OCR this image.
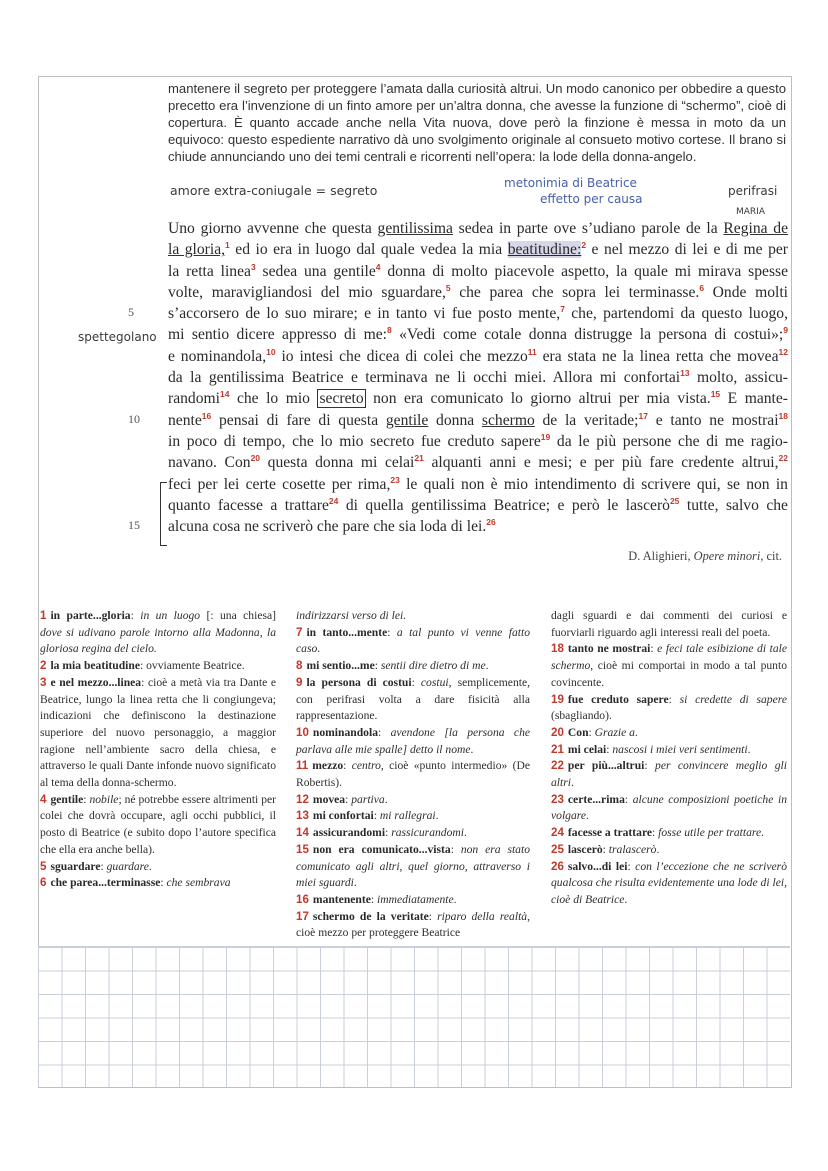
mantenere il segreto per proteggere l’amata dalla curiosità altrui. Un modo canonico per obbedire a questo precetto era l’invenzione di un finto amore per un’altra donna, che avesse la funzione di “schermo”, cioè di copertura. È quanto accade anche nella Vita nuova, dove però la finzione è messa in moto da un equivoco: questo espediente narrativo dà uno svolgimento originale al consueto motivo cortese. Il brano si chiude annunciando uno dei temi centrali e ricorrenti nell’opera: la lode della donna-angelo.

amore extra-coniugale = segreto	metonimia di Beatrice
effetto per causa
perifrasi
MARIA
spettegolano
5
10
15
Uno giorno avvenne che questa gentilissima sedea in parte ove s’udiano parole de la Regina de
la gloria,$^1$ ed io era in luogo dal quale vedea la mia beatitudine:$^2$ e nel mezzo di lei e di me per
la retta linea$^3$ sedea una gentile$^4$ donna di molto piacevole aspetto, la quale mi mirava spesse
volte, maravigliandosi del mio sguardare,$^5$ che parea che sopra lei terminasse.$^6$ Onde molti
s’accorsero de lo suo mirare; e in tanto vi fue posto mente,$^7$ che, partendomi da questo luogo,
mi sentio dicere appresso di me:$^8$ «Vedi come cotale donna distrugge la persona di costui»;$^9$
e nominandola,$^{10}$ io intesi che dicea di colei che mezzo$^{11}$ era stata ne la linea retta che movea$^{12}$
da la gentilissima Beatrice e terminava ne li occhi miei. Allora mi confortai$^{13}$ molto, assicu-
randomi$^{14}$ che lo mio secreto non era comunicato lo giorno altrui per mia vista.$^{15}$ E mante-
nente$^{16}$ pensai di fare di questa gentile donna schermo de la veritade;$^{17}$ e tanto ne mostrai$^{18}$
in poco di tempo, che lo mio secreto fue creduto sapere$^{19}$ da le più persone che di me ragio-
navano. Con$^{20}$ questa donna mi celai$^{21}$ alquanti anni e mesi; e per più fare credente altrui,$^{22}$
feci per lei certe cosette per rima,$^{23}$ le quali non è mio intendimento di scrivere qui, se non in
quanto facesse a trattare$^{24}$ di quella gentilissima Beatrice; e però le lascerò$^{25}$ tutte, salvo che
alcuna cosa ne scriverò che pare che sia loda di lei.$^{26}$
D. Alighieri, Opere minori, cit.
1 in parte...gloria: in un luogo [: una chiesa] dove si udivano parole intorno alla Madonna, la gloriosa regina del cielo.
2 la mia beatitudine: ovviamente Beatrice.
3 e nel mezzo...linea: cioè a metà via tra Dante e Beatrice, lungo la linea retta che li congiungeva; indicazioni che definiscono la destinazione superiore del nuovo personaggio, a maggior ragione nell’ambiente sacro della chiesa, e attraverso le quali Dante infonde nuovo significato al tema della donna-schermo.
4 gentile: nobile; né potrebbe essere altrimenti per colei che dovrà occupare, agli occhi pubblici, il posto di Beatrice (e subito dopo l’autore specifica che ella era anche bella).
5 sguardare: guardare.
6 che parea...terminasse: che sembrava
indirizzarsi verso di lei.
7 in tanto...mente: a tal punto vi venne fatto caso.
8 mi sentio...me: sentii dire dietro di me.
9 la persona di costui: costui, semplicemente, con perifrasi volta a dare fisicità alla rappresentazione.
10 nominandola: avendone [la persona che parlava alle mie spalle] detto il nome.
11 mezzo: centro, cioè «punto intermedio» (De Robertis).
12 movea: partiva.
13 mi confortai: mi rallegrai.
14 assicurandomi: rassicurandomi.
15 non era comunicato...vista: non era stato comunicato agli altri, quel giorno, attraverso i miei sguardi.
16 mantenente: immediatamente.
17 schermo de la veritate: riparo della realtà, cioè mezzo per proteggere Beatrice
dagli sguardi e dai commenti dei curiosi e fuorviarli riguardo agli interessi reali del poeta.
18 tanto ne mostrai: e feci tale esibizione di tale schermo, cioè mi comportai in modo a tal punto covincente.
19 fue creduto sapere: si credette di sapere (sbagliando).
20 Con: Grazie a.
21 mi celai: nascosi i miei veri sentimenti.
22 per più...altrui: per convincere meglio gli altri.
23 certe...rima: alcune composizioni poetiche in volgare.
24 facesse a trattare: fosse utile per trattare.
25 lascerò: tralascerò.
26 salvo...di lei: con l’eccezione che ne scriverò qualcosa che risulta evidentemente una lode di lei, cioè di Beatrice.
